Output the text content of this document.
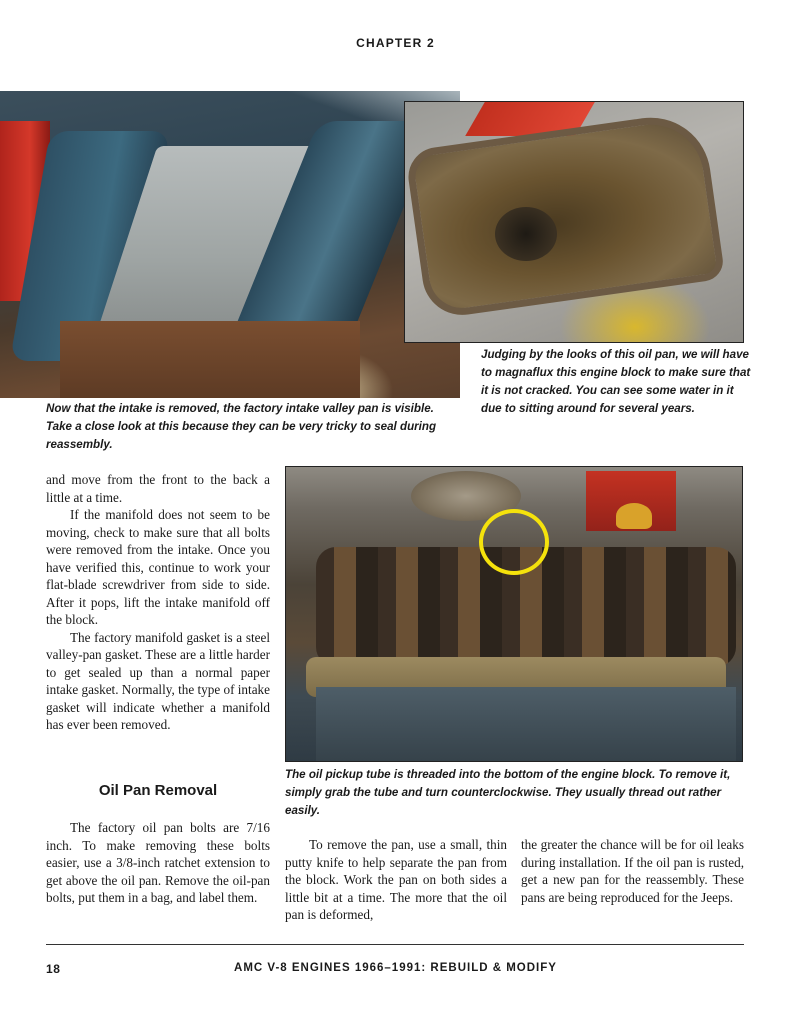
CHAPTER 2
Now that the intake is removed, the factory intake valley pan is visible. Take a close look at this because they can be very tricky to seal during reassembly.
Judging by the looks of this oil pan, we will have to magnaflux this engine block to make sure that it is not cracked. You can see some water in it due to sitting around for several years.

and move from the front to the back a little at a time.

If the manifold does not seem to be moving, check to make sure that all bolts were removed from the intake. Once you have verified this, continue to work your flat-blade screwdriver from side to side. After it pops, lift the intake manifold off the block.

The factory manifold gasket is a steel valley-pan gasket. These are a little harder to get sealed up than a normal paper intake gasket. Normally, the type of intake gasket will indicate whether a manifold has ever been removed.

The oil pickup tube is threaded into the bottom of the engine block. To remove it, simply grab the tube and turn counterclockwise. They usually thread out rather easily.
Oil Pan Removal

The factory oil pan bolts are 7/16 inch. To make removing these bolts easier, use a 3/8-inch ratchet extension to get above the oil pan. Remove the oil-pan bolts, put them in a bag, and label them.

To remove the pan, use a small, thin putty knife to help separate the pan from the block. Work the pan on both sides a little bit at a time. The more that the oil pan is deformed,

the greater the chance will be for oil leaks during installation. If the oil pan is rusted, get a new pan for the reassembly. These pans are being reproduced for the Jeeps.

18	AMC V-8 ENGINES 1966–1991: REBUILD & MODIFY
